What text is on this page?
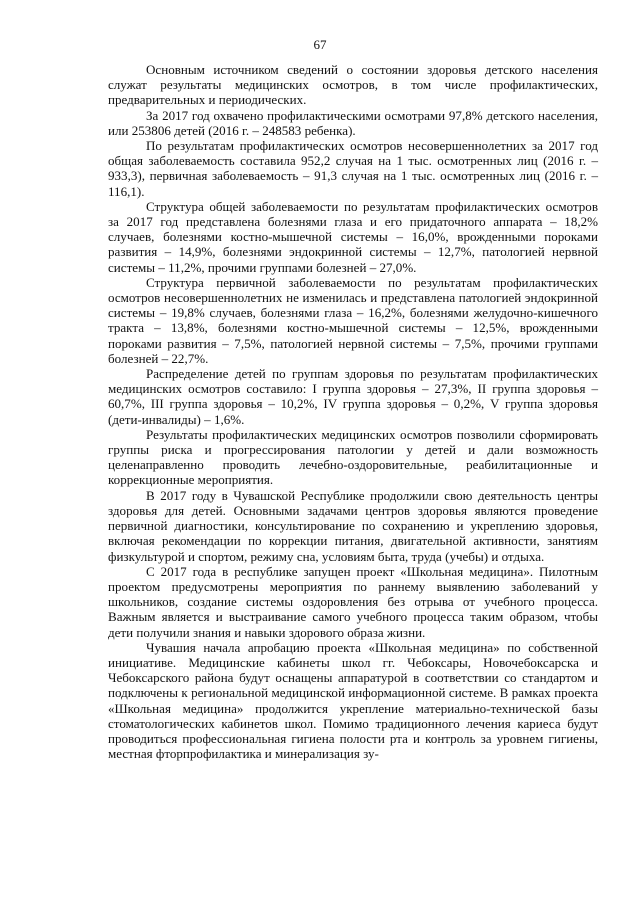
67

Основным источником сведений о состоянии здоровья детского населения служат результаты медицинских осмотров, в том числе профилактических, предварительных и периодических.

За 2017 год охвачено профилактическими осмотрами 97,8% детского населения, или 253806 детей (2016 г. – 248583 ребенка).

По результатам профилактических осмотров несовершеннолетних за 2017 год общая заболеваемость составила 952,2 случая на 1 тыс. осмотренных лиц (2016 г. – 933,3), первичная заболеваемость – 91,3 случая на 1 тыс. осмотренных лиц (2016 г. – 116,1).

Структура общей заболеваемости по результатам профилактических осмотров за 2017 год представлена болезнями глаза и его придаточного аппарата – 18,2% случаев, болезнями костно-мышечной системы – 16,0%, врожденными пороками развития – 14,9%, болезнями эндокринной системы – 12,7%, патологией нервной системы – 11,2%, прочими группами болезней – 27,0%.

Структура первичной заболеваемости по результатам профилактических осмотров несовершеннолетних не изменилась и представлена патологией эндокринной системы – 19,8% случаев, болезнями глаза – 16,2%, болезнями желудочно-кишечного тракта – 13,8%, болезнями костно-мышечной системы – 12,5%, врожденными пороками развития – 7,5%, патологией нервной системы – 7,5%, прочими группами болезней – 22,7%.

Распределение детей по группам здоровья по результатам профилактических медицинских осмотров составило: I группа здоровья – 27,3%, II группа здоровья – 60,7%, III группа здоровья – 10,2%, IV группа здоровья – 0,2%, V группа здоровья (дети-инвалиды) – 1,6%.

Результаты профилактических медицинских осмотров позволили сформировать группы риска и прогрессирования патологии у детей и дали возможность целенаправленно проводить лечебно-оздоровительные, реабилитационные и коррекционные мероприятия.

В 2017 году в Чувашской Республике продолжили свою деятельность центры здоровья для детей. Основными задачами центров здоровья являются проведение первичной диагностики, консультирование по сохранению и укреплению здоровья, включая рекомендации по коррекции питания, двигательной активности, занятиям физкультурой и спортом, режиму сна, условиям быта, труда (учебы) и отдыха.

С 2017 года в республике запущен проект «Школьная медицина». Пилотным проектом предусмотрены мероприятия по раннему выявлению заболеваний у школьников, создание системы оздоровления без отрыва от учебного процесса. Важным является и выстраивание самого учебного процесса таким образом, чтобы дети получили знания и навыки здорового образа жизни.

Чувашия начала апробацию проекта «Школьная медицина» по собственной инициативе. Медицинские кабинеты школ гг. Чебоксары, Новочебоксарска и Чебоксарского района будут оснащены аппаратурой в соответствии со стандартом и подключены к региональной медицинской информационной системе. В рамках проекта «Школьная медицина» продолжится укрепление материально-технической базы стоматологических кабинетов школ. Помимо традиционного лечения кариеса будут проводиться профессиональная гигиена полости рта и контроль за уровнем гигиены, местная фторпрофилактика и минерализация зу-
